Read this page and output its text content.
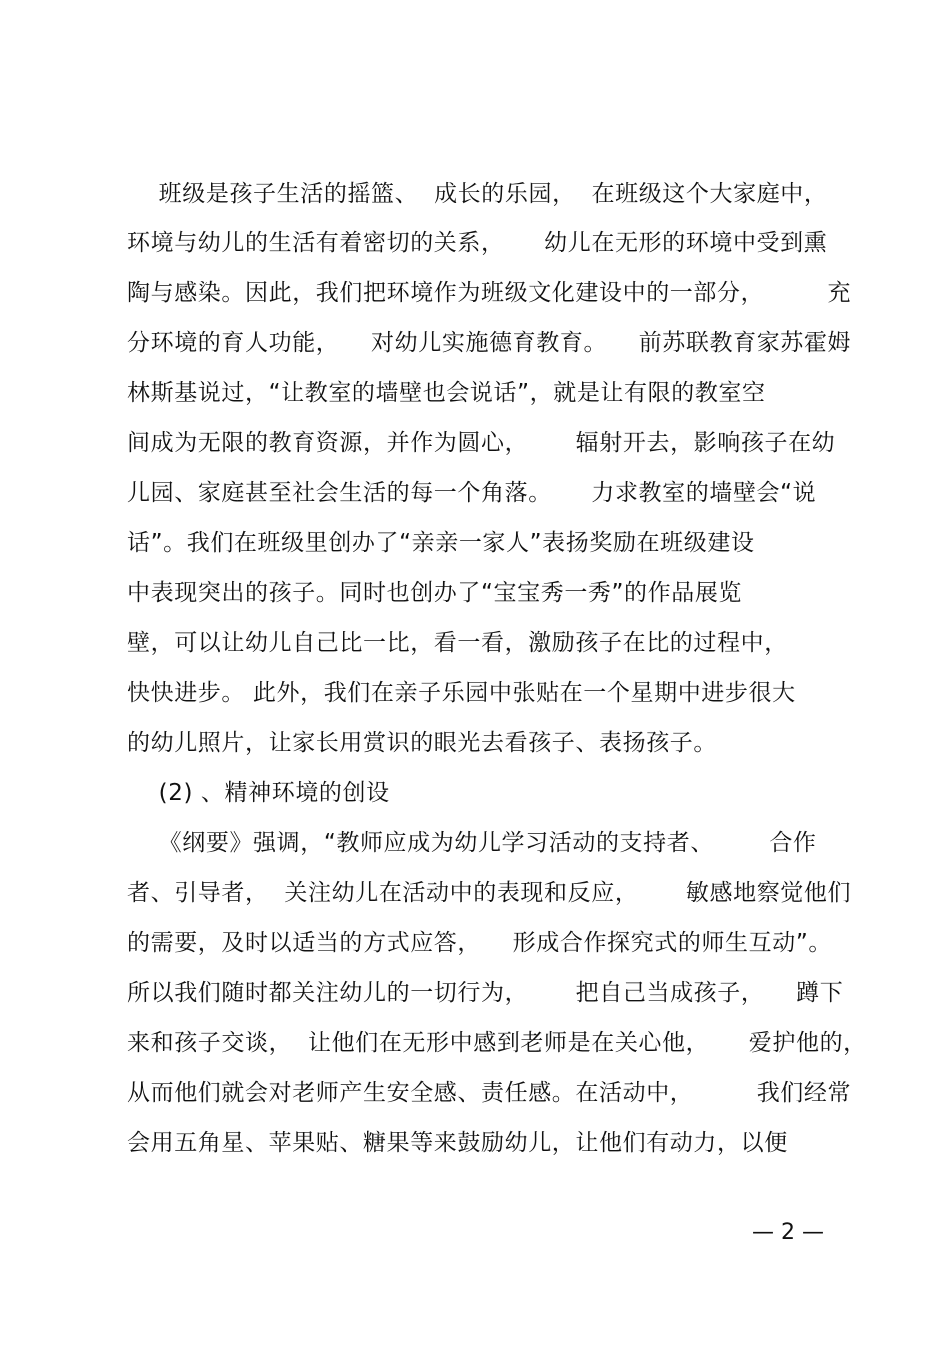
班级是孩子生活的摇篮、  成长的乐园，  在班级这个大家庭中，
环境与幼儿的生活有着密切的关系，     幼儿在无形的环境中受到熏
陶与感染。因此，我们把环境作为班级文化建设中的一部分，        充
分环境的育人功能，    对幼儿实施德育教育。    前苏联教育家苏霍姆
林斯基说过，“让教室的墙壁也会说话”，就是让有限的教室空
间成为无限的教育资源，并作为圆心，      辐射开去，影响孩子在幼
儿园、家庭甚至社会生活的每一个角落。     力求教室的墙壁会“说
话”。我们在班级里创办了“亲亲一家人”表扬奖励在班级建设
中表现突出的孩子。同时也创办了“宝宝秀一秀”的作品展览
壁，可以让幼儿自己比一比，看一看，激励孩子在比的过程中，
快快进步。 此外，我们在亲子乐园中张贴在一个星期中进步很大
的幼儿照片，让家长用赏识的眼光去看孩子、表扬孩子。
(2) 、精神环境的创设
《纲要》强调，“教师应成为幼儿学习活动的支持者、       合作
者、引导者，  关注幼儿在活动中的表现和反应，      敏感地察觉他们
的需要，及时以适当的方式应答，    形成合作探究式的师生互动”。
所以我们随时都关注幼儿的一切行为，      把自己当成孩子，    蹲下
来和孩子交谈，  让他们在无形中感到老师是在关心他，     爱护他的，
从而他们就会对老师产生安全感、责任感。在活动中，        我们经常
会用五角星、苹果贴、糖果等来鼓励幼儿，让他们有动力，以便
— 2 —
